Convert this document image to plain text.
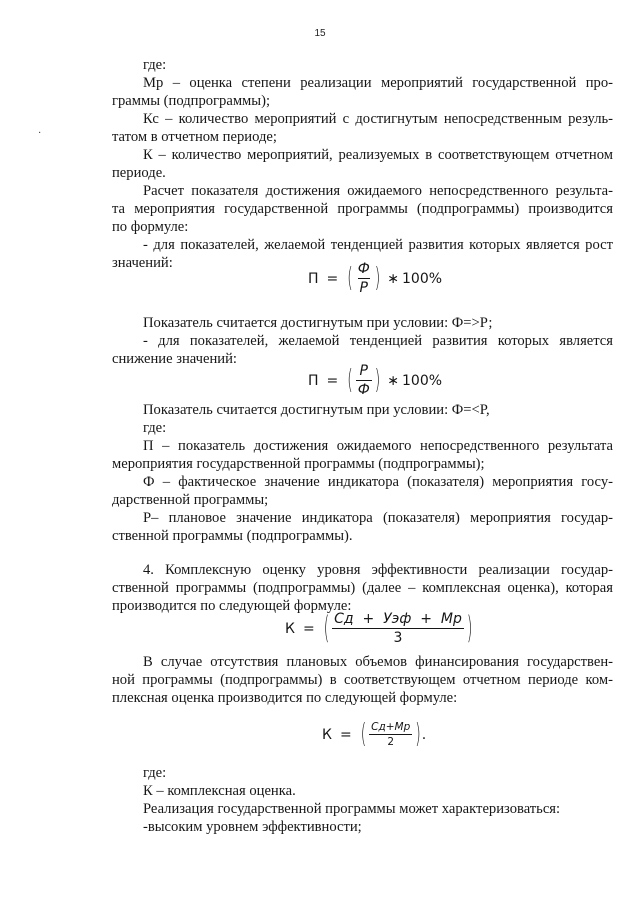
15
где:
Мр – оценка степени реализации мероприятий государственной про-
граммы (подпрограммы);
Кс – количество мероприятий с достигнутым непосредственным резуль-
татом в отчетном периоде;
К – количество мероприятий, реализуемых в соответствующем отчетном
периоде.
Расчет показателя достижения ожидаемого непосредственного результа-
та мероприятия государственной программы (подпрограммы) производится
по формуле:
- для показателей, желаемой тенденцией развития которых является рост
значений:
П = ( $\frac{Ф}{P}$ ) ∗ 100%
Показатель считается достигнутым при условии: Ф=>Р;
- для показателей, желаемой тенденцией развития которых является
снижение значений:
П = ( $\frac{P}{Ф}$ ) ∗ 100%
Показатель считается достигнутым при условии: Ф=<Р,
где:
П – показатель достижения ожидаемого непосредственного результата
мероприятия государственной программы (подпрограммы);
Ф – фактическое значение индикатора (показателя) мероприятия госу-
дарственной программы;
Р– плановое значение индикатора (показателя) мероприятия государ-
ственной программы (подпрограммы).
4. Комплексную оценку уровня эффективности реализации государ-
ственной программы (подпрограммы) (далее – комплексная оценка), которая
производится по следующей формуле:
К = ( $\frac{\text{Сд  +  Уэф  +  Мр}}{3}$ )
В случае отсутствия плановых объемов финансирования государствен-
ной программы (подпрограммы) в соответствующем отчетном периоде ком-
плексная оценка производится по следующей формуле:
К = ( $\frac{Сд+Мр}{2}$ ) .
где:
К – комплексная оценка.
Реализация государственной программы может характеризоваться:
-высоким уровнем эффективности;
·
